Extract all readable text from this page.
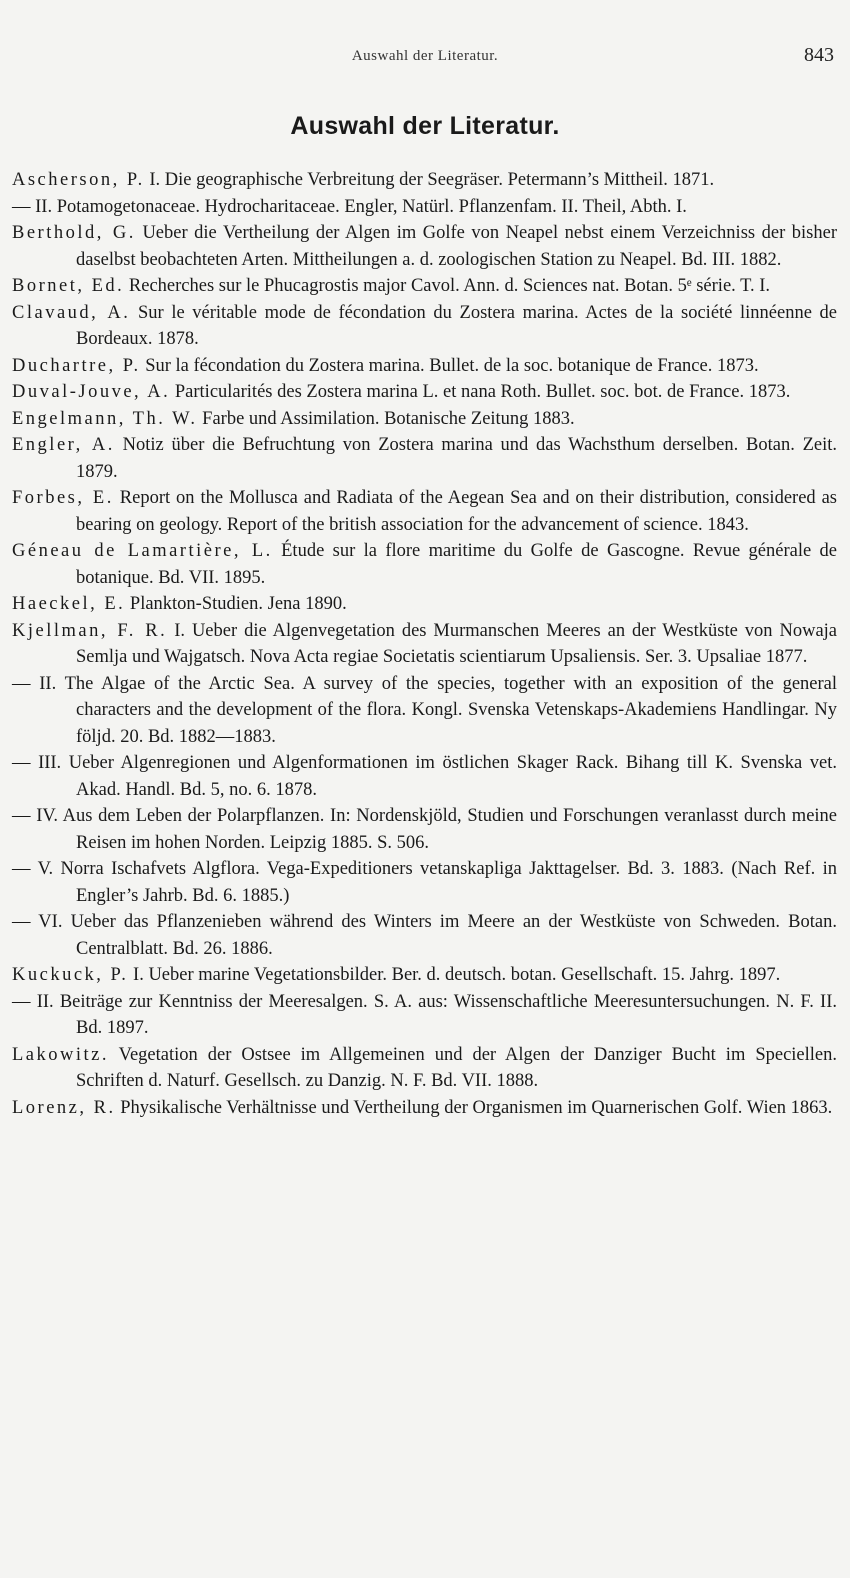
Auswahl der Literatur.	843
Auswahl der Literatur.
Ascherson, P. I. Die geographische Verbreitung der Seegräser. Petermann’s Mittheil. 1871.
— II. Potamogetonaceae. Hydrocharitaceae. Engler, Natürl. Pflanzenfam. II. Theil, Abth. I.
Berthold, G. Ueber die Vertheilung der Algen im Golfe von Neapel nebst einem Verzeichniss der bisher daselbst beobachteten Arten. Mittheilungen a. d. zoologischen Station zu Neapel. Bd. III. 1882.
Bornet, Ed. Recherches sur le Phucagrostis major Cavol. Ann. d. Sciences nat. Botan. 5ᵉ série. T. I.
Clavaud, A. Sur le véritable mode de fécondation du Zostera marina. Actes de la société linnéenne de Bordeaux. 1878.
Duchartre, P. Sur la fécondation du Zostera marina. Bullet. de la soc. botanique de France. 1873.
Duval-Jouve, A. Particularités des Zostera marina L. et nana Roth. Bullet. soc. bot. de France. 1873.
Engelmann, Th. W. Farbe und Assimilation. Botanische Zeitung 1883.
Engler, A. Notiz über die Befruchtung von Zostera marina und das Wachsthum derselben. Botan. Zeit. 1879.
Forbes, E. Report on the Mollusca and Radiata of the Aegean Sea and on their distribution, considered as bearing on geology. Report of the british association for the advancement of science. 1843.
Géneau de Lamartière, L. Étude sur la flore maritime du Golfe de Gascogne. Revue générale de botanique. Bd. VII. 1895.
Haeckel, E. Plankton-Studien. Jena 1890.
Kjellman, F. R. I. Ueber die Algenvegetation des Murmanschen Meeres an der Westküste von Nowaja Semlja und Wajgatsch. Nova Acta regiae Societatis scientiarum Upsaliensis. Ser. 3. Upsaliae 1877.
— II. The Algae of the Arctic Sea. A survey of the species, together with an exposition of the general characters and the development of the flora. Kongl. Svenska Vetenskaps-Akademiens Handlingar. Ny följd. 20. Bd. 1882—1883.
— III. Ueber Algenregionen und Algenformationen im östlichen Skager Rack. Bihang till K. Svenska vet. Akad. Handl. Bd. 5, no. 6. 1878.
— IV. Aus dem Leben der Polarpflanzen. In: Nordenskjöld, Studien und Forschungen veranlasst durch meine Reisen im hohen Norden. Leipzig 1885. S. 506.
— V. Norra Ischafvets Algflora. Vega-Expeditioners vetanskapliga Jakttagelser. Bd. 3. 1883. (Nach Ref. in Engler’s Jahrb. Bd. 6. 1885.)
— VI. Ueber das Pflanzenieben während des Winters im Meere an der Westküste von Schweden. Botan. Centralblatt. Bd. 26. 1886.
Kuckuck, P. I. Ueber marine Vegetationsbilder. Ber. d. deutsch. botan. Gesellschaft. 15. Jahrg. 1897.
— II. Beiträge zur Kenntniss der Meeresalgen. S. A. aus: Wissenschaftliche Meeresuntersuchungen. N. F. II. Bd. 1897.
Lakowitz. Vegetation der Ostsee im Allgemeinen und der Algen der Danziger Bucht im Speciellen. Schriften d. Naturf. Gesellsch. zu Danzig. N. F. Bd. VII. 1888.
Lorenz, R. Physikalische Verhältnisse und Vertheilung der Organismen im Quarnerischen Golf. Wien 1863.
